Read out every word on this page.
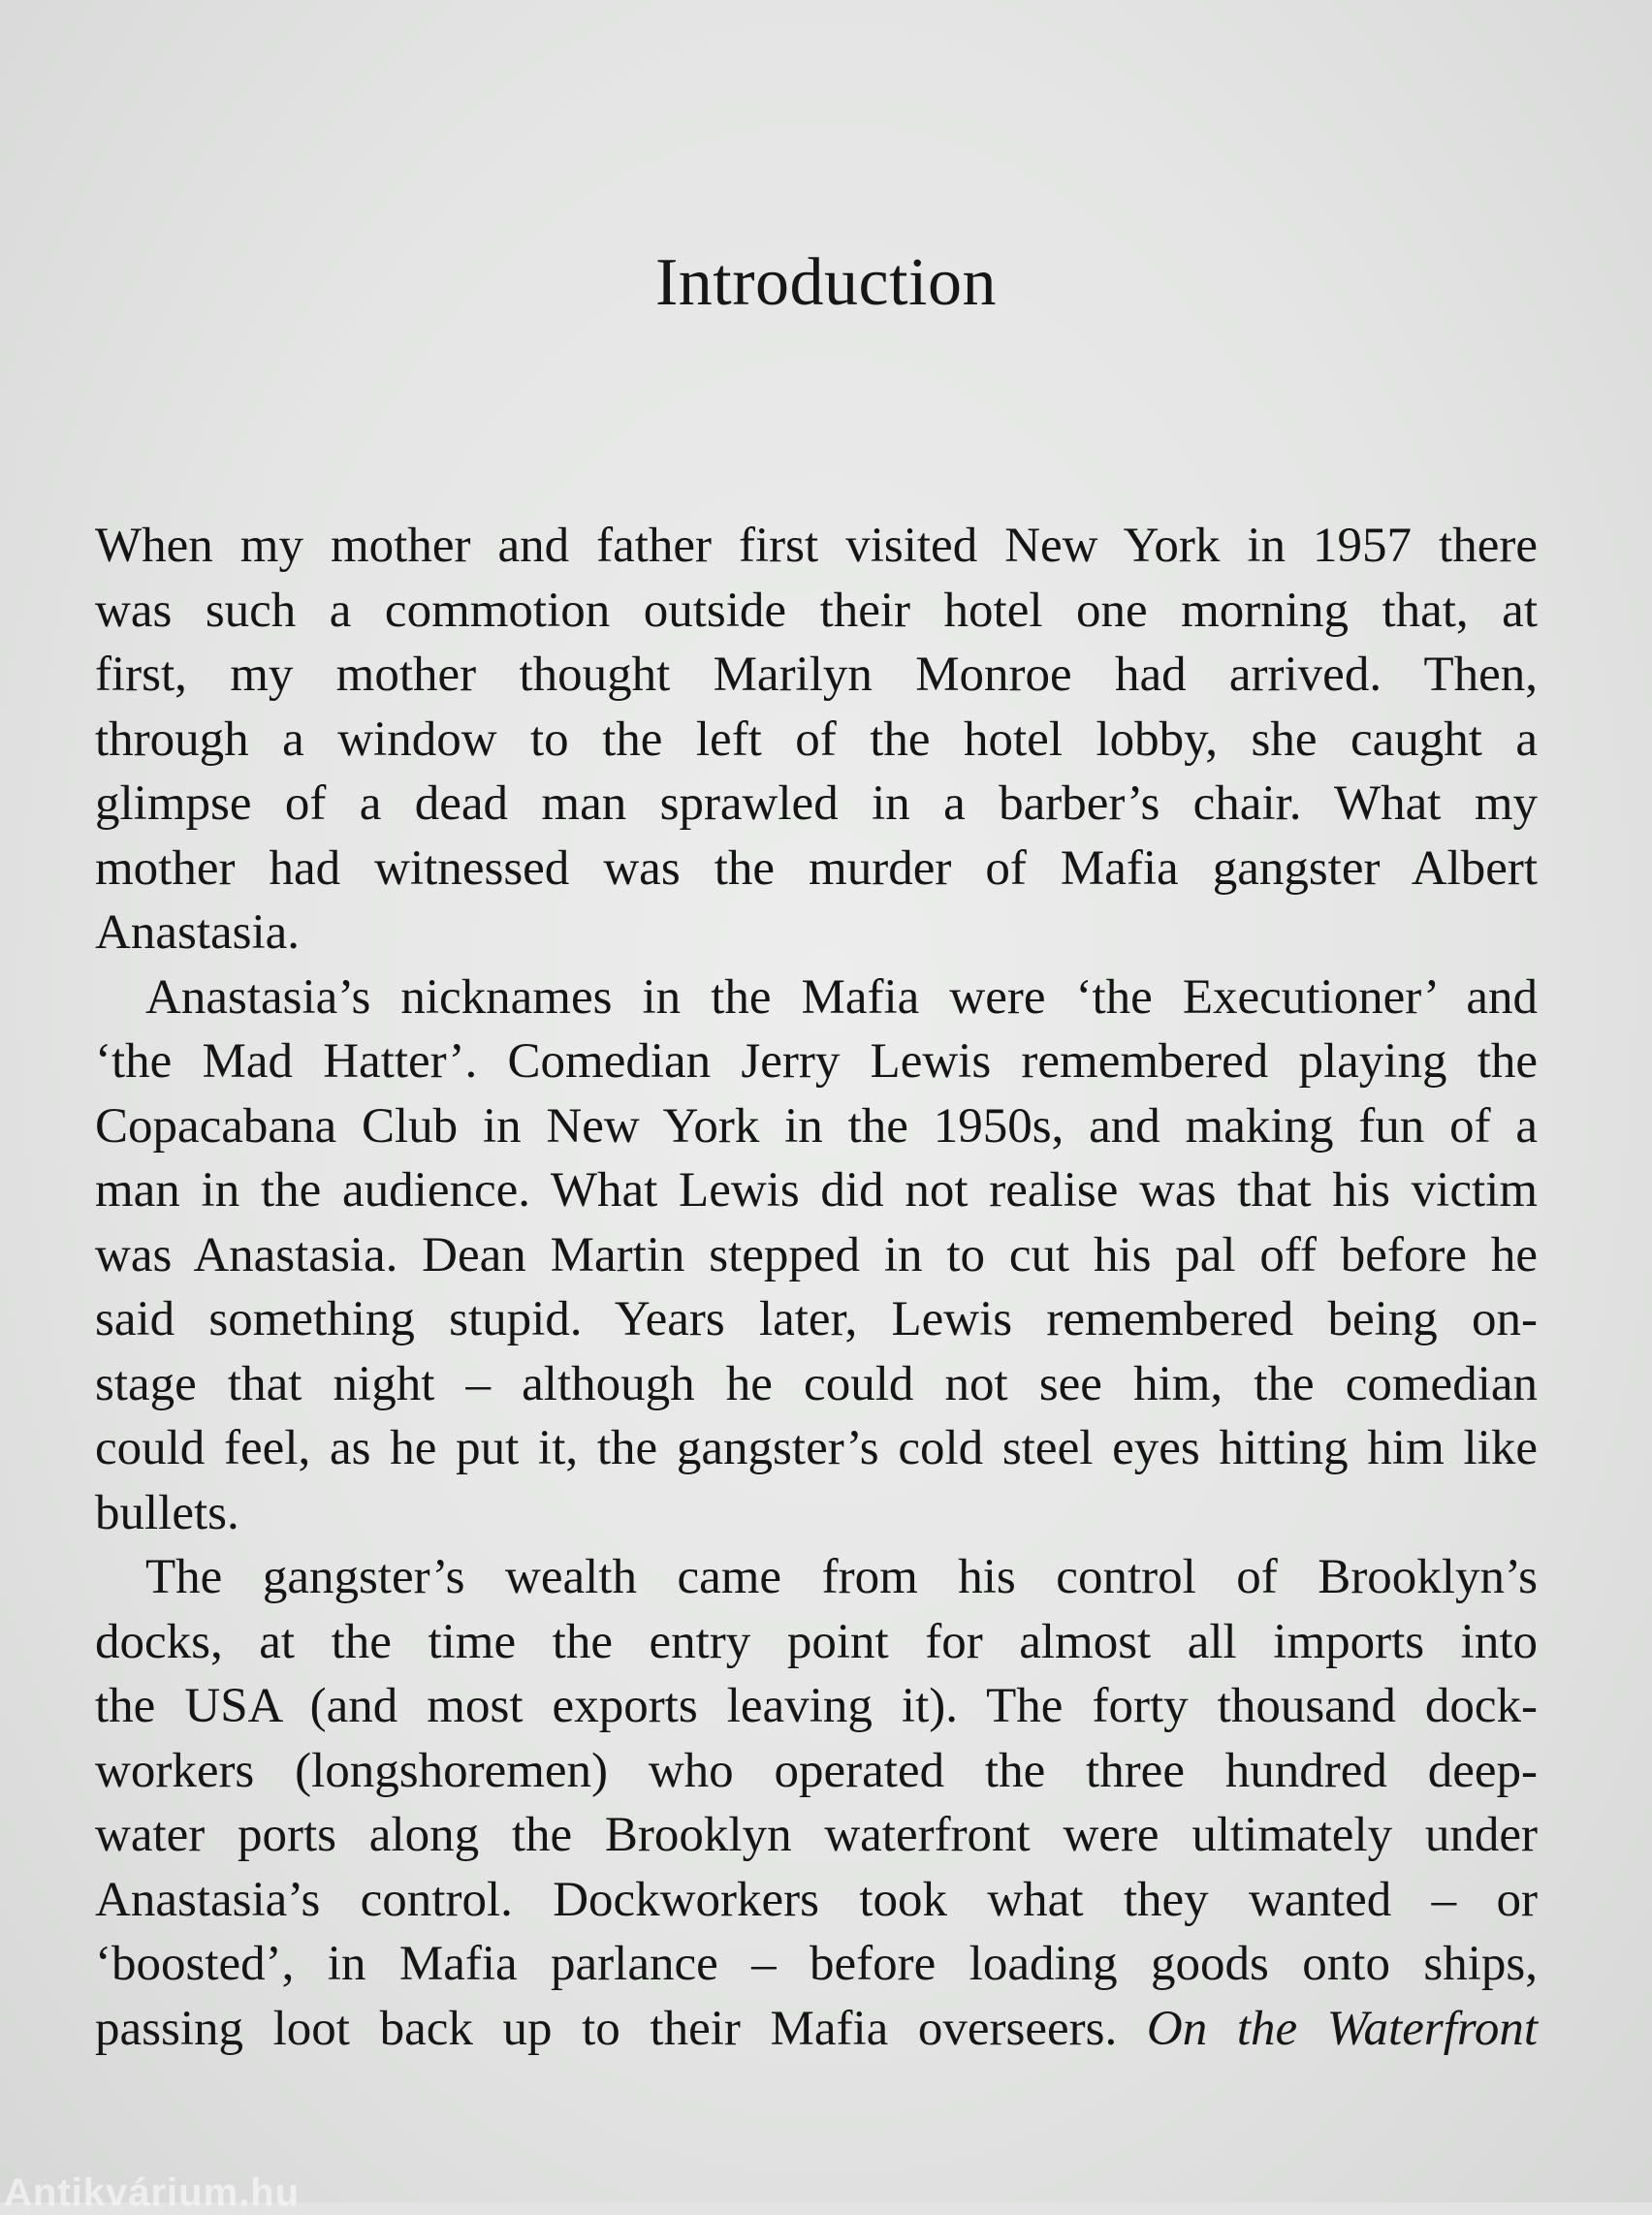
Introduction

When my mother and father first visited New York in 1957 there
was such a commotion outside their hotel one morning that, at
first, my mother thought Marilyn Monroe had arrived. Then,
through a window to the left of the hotel lobby, she caught a
glimpse of a dead man sprawled in a barber’s chair. What my
mother had witnessed was the murder of Mafia gangster Albert
Anastasia.

Anastasia’s nicknames in the Mafia were ‘the Executioner’ and
‘the Mad Hatter’. Comedian Jerry Lewis remembered playing the
Copacabana Club in New York in the 1950s, and making fun of a
man in the audience. What Lewis did not realise was that his victim
was Anastasia. Dean Martin stepped in to cut his pal off before he
said something stupid. Years later, Lewis remembered being on-
stage that night – although he could not see him, the comedian
could feel, as he put it, the gangster’s cold steel eyes hitting him like
bullets.

The gangster’s wealth came from his control of Brooklyn’s
docks, at the time the entry point for almost all imports into
the USA (and most exports leaving it). The forty thousand dock-
workers (longshoremen) who operated the three hundred deep-
water ports along the Brooklyn waterfront were ultimately under
Anastasia’s control. Dockworkers took what they wanted – or
‘boosted’, in Mafia parlance – before loading goods onto ships,
passing loot back up to their Mafia overseers. On the Waterfront

Antikvárium.hu
